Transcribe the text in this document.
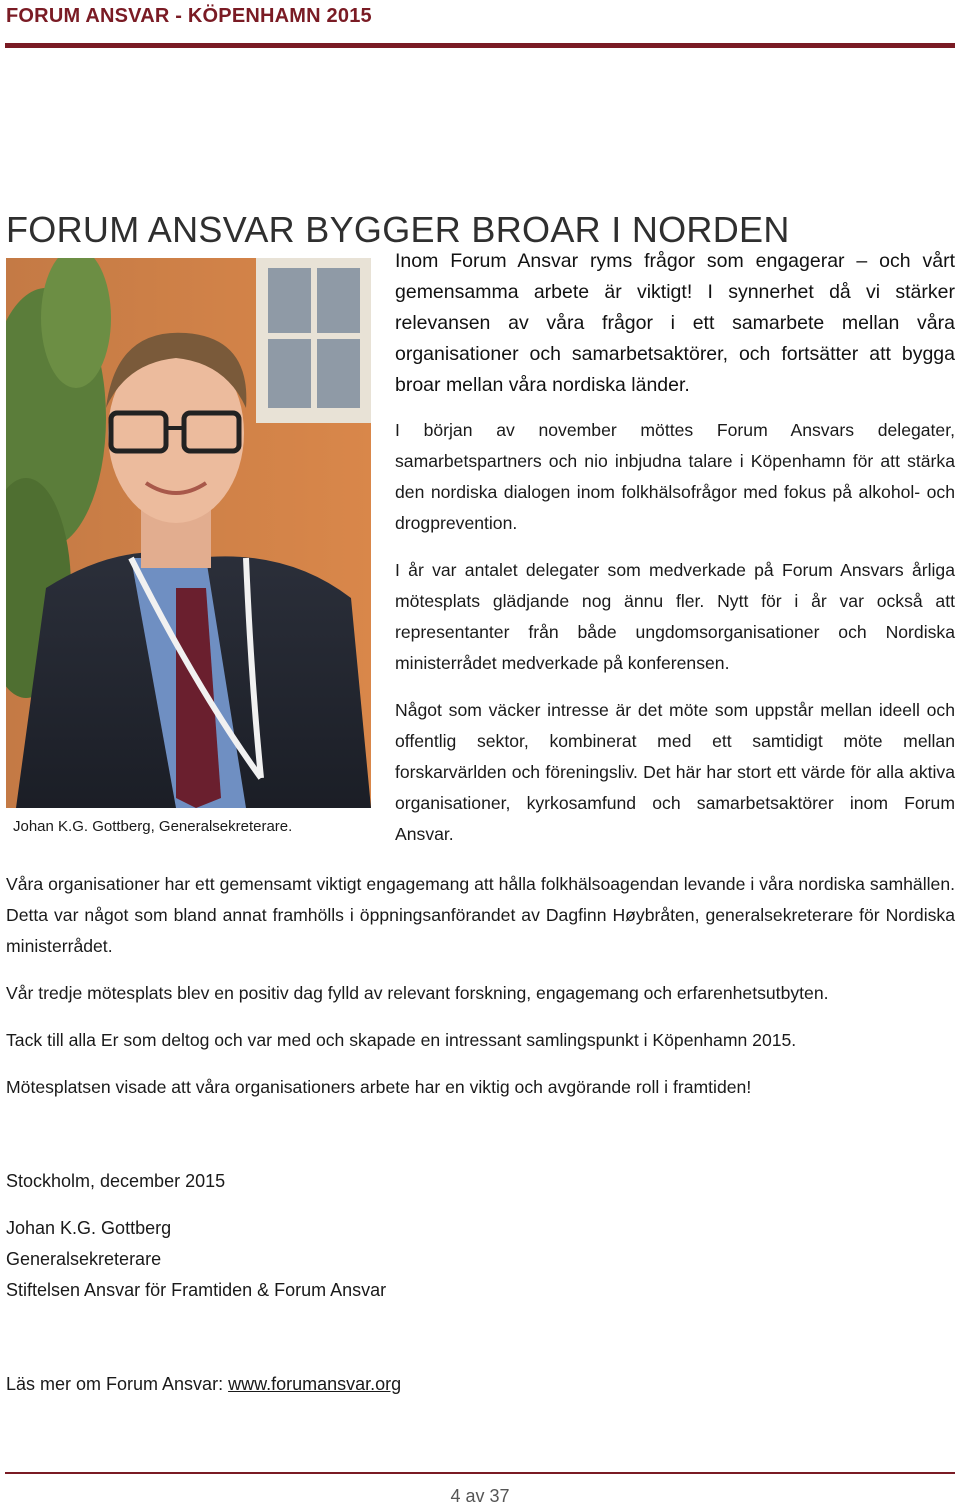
FORUM ANSVAR - KÖPENHAMN 2015
FORUM ANSVAR BYGGER BROAR I NORDEN
Johan K.G. Gottberg, Generalsekreterare.

Inom Forum Ansvar ryms frågor som engagerar – och vårt gemensamma arbete är viktigt! I synnerhet då vi stärker relevansen av våra frågor i ett samarbete mellan våra organisationer och samarbetsaktörer, och fortsätter att bygga broar mellan våra nordiska länder.

I början av november möttes Forum Ansvars delegater, samarbetspartners och nio inbjudna talare i Köpenhamn för att stärka den nordiska dialogen inom folkhälsofrågor med fokus på alkohol- och drogprevention.

I år var antalet delegater som medverkade på Forum Ansvars årliga mötesplats glädjande nog ännu fler. Nytt för i år var också att representanter från både ungdomsorganisationer och Nordiska ministerrådet medverkade på konferensen.

Något som väcker intresse är det möte som uppstår mellan ideell och offentlig sektor, kombinerat med ett samtidigt möte mellan forskarvärlden och föreningsliv. Det här har stort ett värde för alla aktiva organisationer, kyrkosamfund och samarbetsaktörer inom Forum Ansvar.

Våra organisationer har ett gemensamt viktigt engagemang att hålla folkhälsoagendan levande i våra nordiska samhällen. Detta var något som bland annat framhölls i öppningsanförandet av Dagfinn Høybråten, generalsekreterare för Nordiska ministerrådet.

Vår tredje mötesplats blev en positiv dag fylld av relevant forskning, engagemang och erfarenhetsutbyten.

Tack till alla Er som deltog och var med och skapade en intressant samlingspunkt i Köpenhamn 2015.

Mötesplatsen visade att våra organisationers arbete har en viktig och avgörande roll i framtiden!

Stockholm, december 2015

Johan K.G. Gottberg

Generalsekreterare

Stiftelsen Ansvar för Framtiden & Forum Ansvar

Läs mer om Forum Ansvar: www.forumansvar.org

4 av 37
